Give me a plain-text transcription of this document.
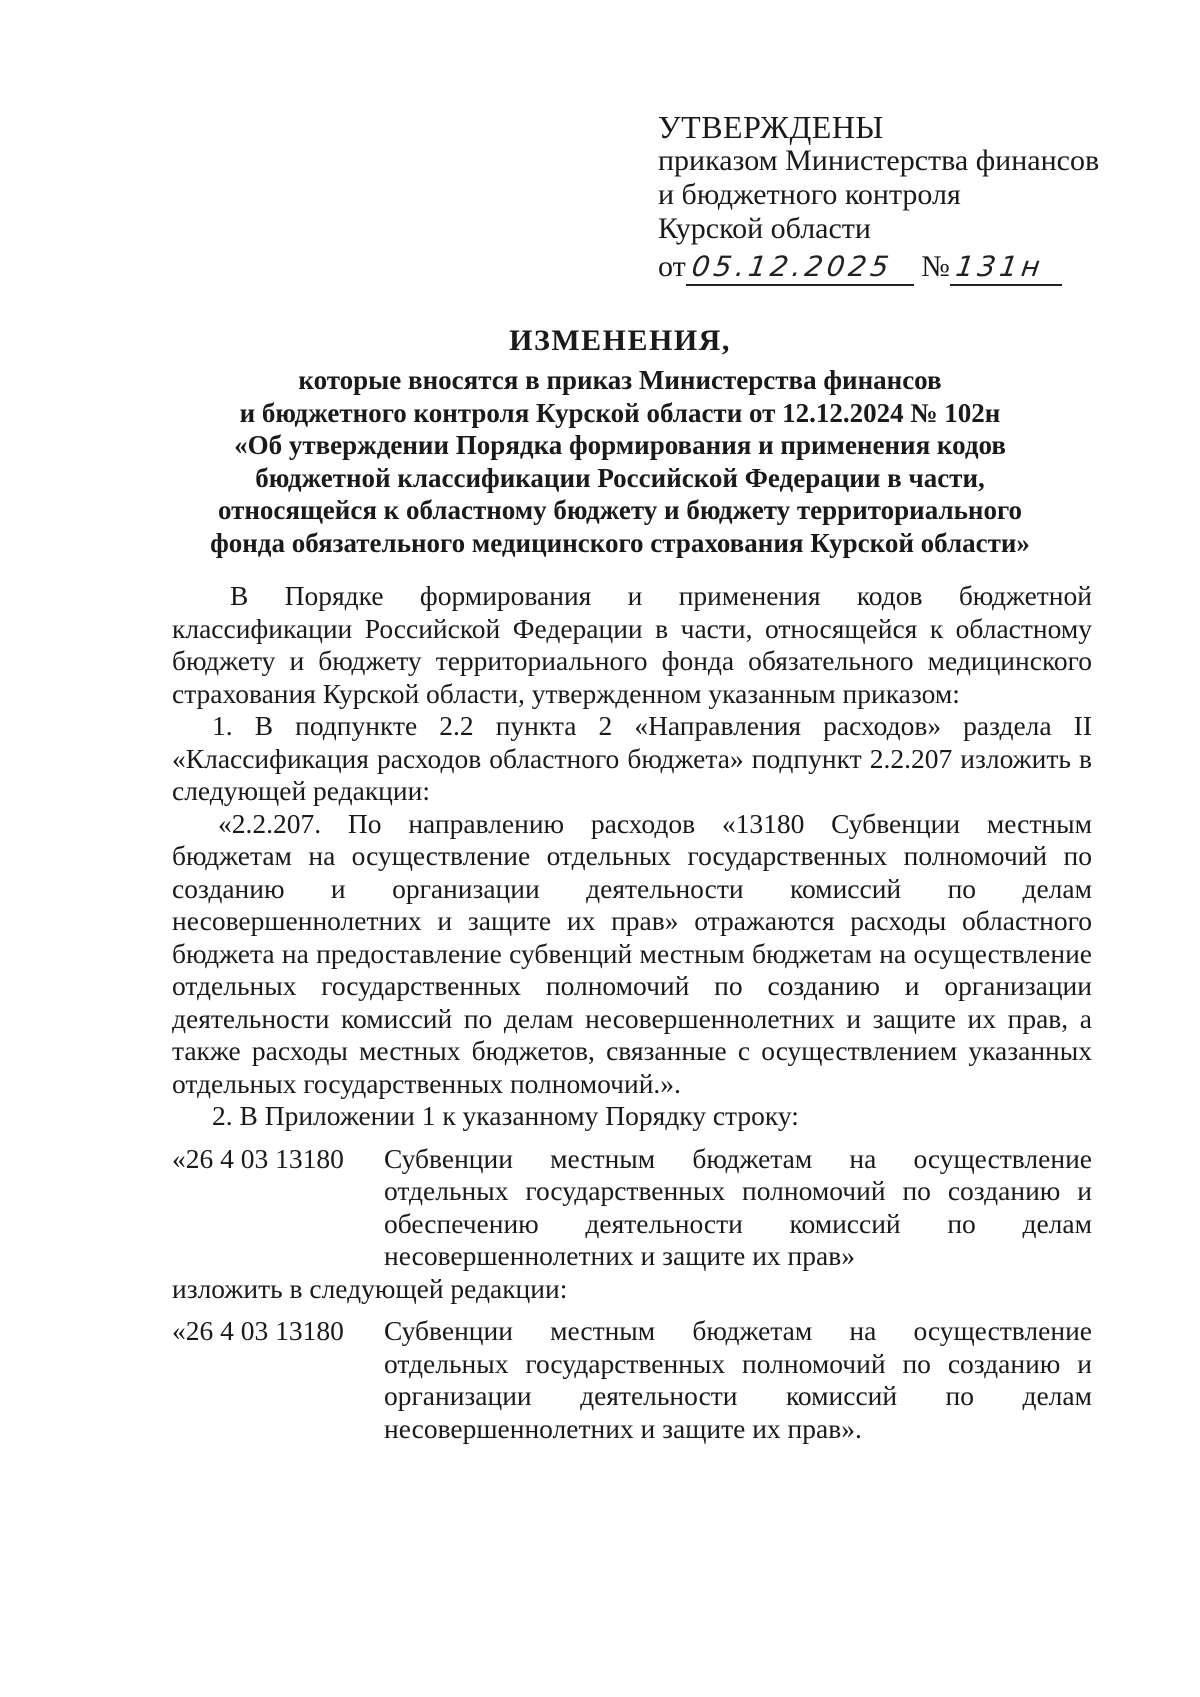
УТВЕРЖДЕНЫ
приказом Министерства финансов
и бюджетного контроля
Курской области
от 05.12.2025 № 131н
ИЗМЕНЕНИЯ,
которые вносятся в приказ Министерства финансов
и бюджетного контроля Курской области от 12.12.2024 № 102н
«Об утверждении Порядка формирования и применения кодов
бюджетной классификации Российской Федерации в части,
относящейся к областному бюджету и бюджету территориального
фонда обязательного медицинского страхования Курской области»

В Порядке формирования и применения кодов бюджетной классификации Российской Федерации в части, относящейся к областному бюджету и бюджету территориального фонда обязательного медицинского страхования Курской области, утвержденном указанным приказом:

1. В подпункте 2.2 пункта 2 «Направления расходов» раздела II «Классификация расходов областного бюджета» подпункт 2.2.207 изложить в следующей редакции:

«2.2.207. По направлению расходов «13180 Субвенции местным бюджетам на осуществление отдельных государственных полномочий по созданию и организации деятельности комиссий по делам несовершеннолетних и защите их прав» отражаются расходы областного бюджета на предоставление субвенций местным бюджетам на осуществление отдельных государственных полномочий по созданию и организации деятельности комиссий по делам несовершеннолетних и защите их прав, а также расходы местных бюджетов, связанные с осуществлением указанных отдельных государственных полномочий.».

2. В Приложении 1 к указанному Порядку строку:

«26 4 03 13180	Субвенции местным бюджетам на осуществление отдельных государственных полномочий по созданию и обеспечению деятельности комиссий по делам несовершеннолетних и защите их прав»

изложить в следующей редакции:

«26 4 03 13180	Субвенции местным бюджетам на осуществление отдельных государственных полномочий по созданию и организации деятельности комиссий по делам несовершеннолетних и защите их прав».
